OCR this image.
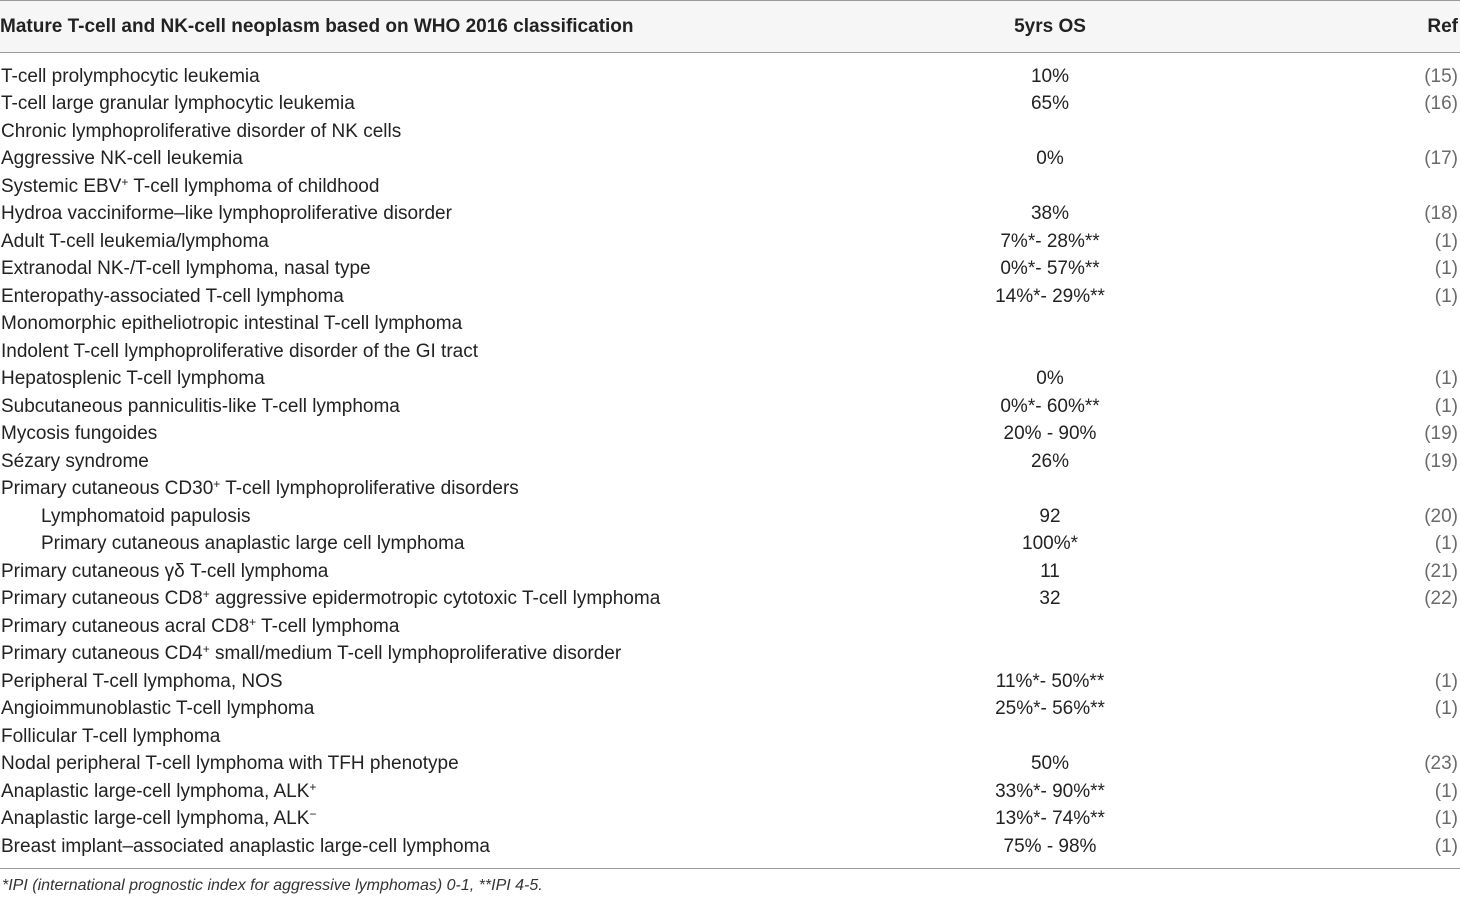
Mature T-cell and NK-cell neoplasm based on WHO 2016 classification	5yrs OS	Ref
T-cell prolymphocytic leukemia	10%	(15)
T-cell large granular lymphocytic leukemia	65%	(16)
Chronic lymphoproliferative disorder of NK cells		
Aggressive NK-cell leukemia	0%	(17)
Systemic EBV+ T-cell lymphoma of childhood		
Hydroa vacciniforme–like lymphoproliferative disorder	38%	(18)
Adult T-cell leukemia/lymphoma	7%*- 28%**	(1)
Extranodal NK-/T-cell lymphoma, nasal type	0%*- 57%**	(1)
Enteropathy-associated T-cell lymphoma	14%*- 29%**	(1)
Monomorphic epitheliotropic intestinal T-cell lymphoma		
Indolent T-cell lymphoproliferative disorder of the GI tract		
Hepatosplenic T-cell lymphoma	0%	(1)
Subcutaneous panniculitis-like T-cell lymphoma	0%*- 60%**	(1)
Mycosis fungoides	20% - 90%	(19)
Sézary syndrome	26%	(19)
Primary cutaneous CD30+ T-cell lymphoproliferative disorders		
Lymphomatoid papulosis	92	(20)
Primary cutaneous anaplastic large cell lymphoma	100%*	(1)
Primary cutaneous γδ T-cell lymphoma	11	(21)
Primary cutaneous CD8+ aggressive epidermotropic cytotoxic T-cell lymphoma	32	(22)
Primary cutaneous acral CD8+ T-cell lymphoma		
Primary cutaneous CD4+ small/medium T-cell lymphoproliferative disorder		
Peripheral T-cell lymphoma, NOS	11%*- 50%**	(1)
Angioimmunoblastic T-cell lymphoma	25%*- 56%**	(1)
Follicular T-cell lymphoma		
Nodal peripheral T-cell lymphoma with TFH phenotype	50%	(23)
Anaplastic large-cell lymphoma, ALK+	33%*- 90%**	(1)
Anaplastic large-cell lymphoma, ALK−	13%*- 74%**	(1)
Breast implant–associated anaplastic large-cell lymphoma	75% - 98%	(1)
*IPI (international prognostic index for aggressive lymphomas) 0-1, **IPI 4-5.
